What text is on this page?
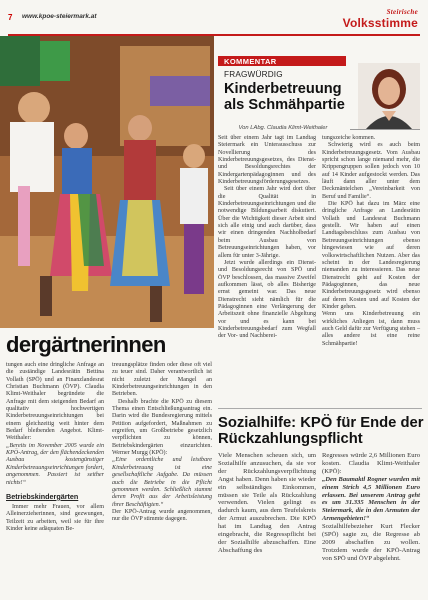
7 www.kpoe-steiermark.at
Steirische
Volksstimme
dergärtnerinnen

tungen auch eine dringliche Anfrage an die zuständige Landesrätin Bettina Vollath (SPÖ) und an Finanzlandesrat Christian Buchmann (ÖVP). Claudia Klimt-Weithaler begründete die Anfrage mit dem steigenden Bedarf an qualitativ hochwertigen Kinderbetreuungseinrichtungen bei einem gleichzeitig weit hinter dem Bedarf bleibenden Angebot. Klimt-Weithaler:

„Bereits im November 2005 wurde ein KPÖ-Antrag, der den flächendeckenden Ausbau kostengünstiger Kinderbetreuungseinrichtungen fordert, angenommen. Passiert ist seither nichts!“

Betriebskindergärten

Immer mehr Frauen, vor allem Alleinerzieherinnen, sind gezwungen, Teilzeit zu arbeiten, weil sie für ihre Kinder keine adäquaten Be-

treuungsplätze finden oder diese oft viel zu teuer sind. Daher verantwortlich ist nicht zuletzt der Mangel an Kinderbetreuungseinrichtungen in den Betrieben.

Deshalb brachte die KPÖ zu diesem Thema einen Entschließungsantrag ein. Darin wird die Bundesregierung mittels Petition aufgefordert, Maßnahmen zu ergreifen, um Großbetriebe gesetzlich verpflichten zu können, Betriebskindergärten einzurichten. Werner Murgg (KPÖ):

„Eine ordentliche und leistbare Kinderbetreuung ist eine gesellschaftliche Aufgabe. Da müssen auch die Betriebe in die Pflicht genommen werden. Schließlich stammt deren Profit aus der Arbeitsleistung ihrer Beschäftigten.“

Der KPÖ-Antrag wurde angenommen, nur die ÖVP stimmte dagegen.

KOMMENTAR
FRAGWÜRDIG
Kinderbetreuung als Schmähpartie
Von LAbg. Claudia Klimt-Weithaler

Seit über einem Jahr tagt im Landtag Steiermark ein Unterausschuss zur Novellierung des Kinderbetreuungsgesetzes, des Dienst- und Besoldungsrechtes der Kindergartenpädagoginnen und des Kinderbetreuungsförderungsgesetzes.

Seit über einem Jahr wird dort über die Qualität in Kinderbetreuungseinrichtungen und die notwendige Bildungsarbeit diskutiert. Über die Wichtigkeit dieser Arbeit sind sich alle einig und auch darüber, dass wir einen dringenden Nachholbedarf beim Ausbau von Betreuungseinrichtungen haben, vor allem für unter 3-Jährige.

Jetzt wurde allerdings ein Dienst- und Besoldungsrecht von SPÖ und ÖVP beschlossen, das massive Zweifel aufkommen lässt, ob alles Bisherige ernst gemeint war. Das neue Dienstrecht sieht nämlich für die Pädagoginnen eine Verlängerung der Arbeitszeit ohne finanzielle Abgeltung vor und es kann bei Kinderbetreuungsbedarf zum Wegfall der Vor- und Nachberei-

tungszeiche kommen.

Schwierig wird es auch beim Kinderbetreuungsgesetz. Vom Ausbau spricht schon lange niemand mehr, die Krippengruppen sollen jedoch von 10 auf 14 Kinder aufgestockt werden. Das läuft dann aller unter dem Deckmäntelchen „Vereinbarkeit von Beruf und Familie“.

Die KPÖ hat dazu im März eine dringliche Anfrage an Landesrätin Vollath und Landesrat Buchmann gestellt. Wir haben auf einen Landtagsbeschluss zum Ausbau von Betreuungseinrichtungen ebenso hingewiesen wie auf deren volkswirtschaftlichen Nutzen. Aber das scheint in der Landesregierung niemanden zu interessieren. Das neue Dienstrecht geht auf Kosten der Pädagoginnen, das neue Kinderbetreuungsgesetz wird ebenso auf deren Kosten und auf Kosten der Kinder gehen.

Wenn uns Kinderbetreuung ein wirkliches Anliegen ist, dann muss auch Geld dafür zur Verfügung stehen – alles andere ist eine reine Schmähpartie!

Sozialhilfe: KPÖ für Ende der Rückzahlungspflicht

Viele Menschen scheuen sich, um Sozialhilfe anzusuchen, da sie vor der Rückzahlungsverpflichtung Angst haben. Denn haben sie wieder ein selbständiges Einkommen, müssen sie Teile als Rückzahlung verwenden. Vielen gelingt es dadurch kaum, aus dem Teufelskreis der Armut auszubrechen. Die KPÖ hat im Landtag den Antrag eingebracht, die Regresspflicht bei der Sozialhilfe abzuschaffen. Eine Abschaffung des

Regresses würde 2,6 Millionen Euro kosten. Claudia Klimt-Weithaler (KPÖ):

„Den Baumaktl Rogner wurden mit einem Strich 4,5 Millionen Euro erlassen. Bei unserem Antrag geht es um 31.335 Menschen in der Steiermark, die in den Armuten der Armengebieten!“

Sozialhilfebezieher Kurt Flecker (SPÖ) sagte zu, die Regresse ab 2009 abschaffen zu wollen. Trotzdem wurde der KPÖ-Antrag von SPÖ und ÖVP abgelehnt.
